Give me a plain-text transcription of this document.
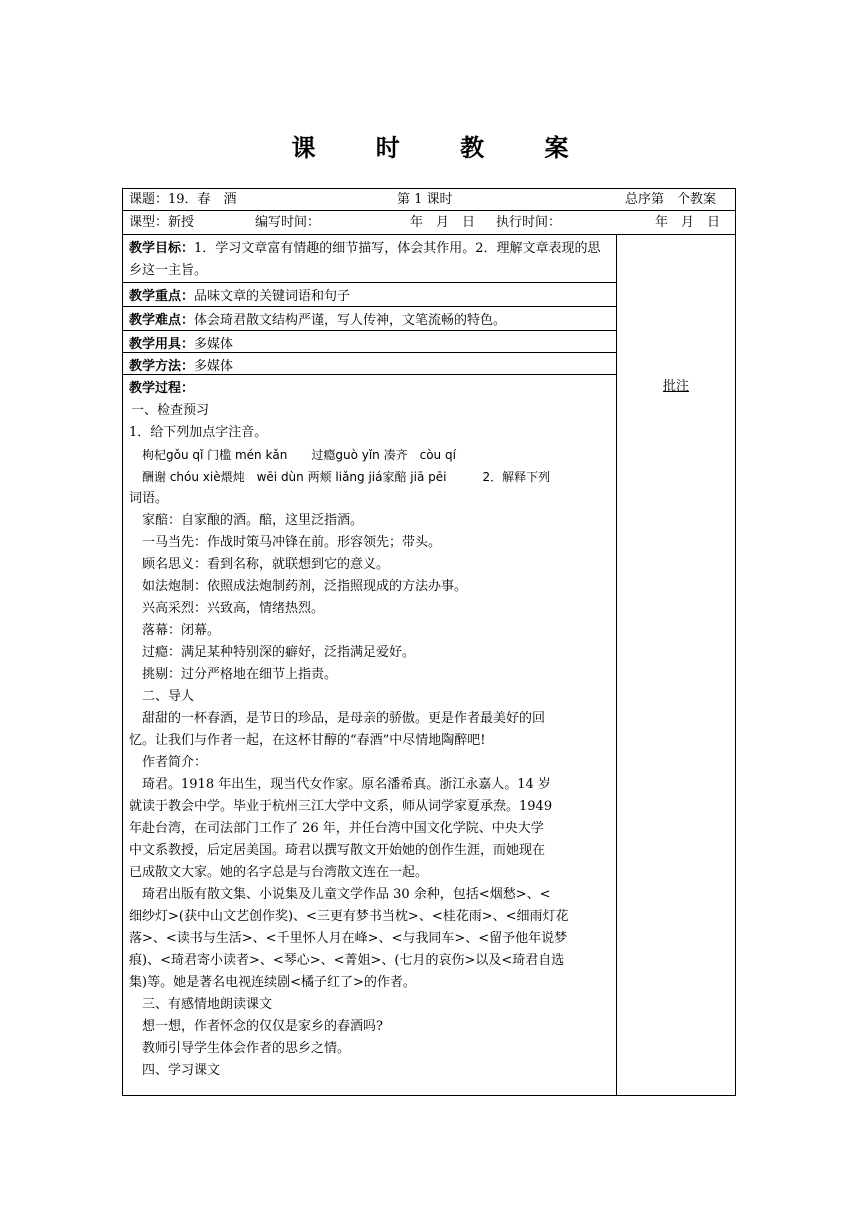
课 时 教 案
课题：19．春　酒	第 1 课时	总序第　个教案
课型：新授	编写时间：	年　月　日 执行时间：	年　月　日
教学目标：1．学习文章富有情趣的细节描写，体会其作用。2．理解文章表现的思乡这一主旨。
教学重点：品味文章的关键词语和句子
教学难点：体会琦君散文结构严谨，写人传神，文笔流畅的特色。
教学用具：多媒体
教学方法：多媒体

教学过程：

一、检查预习

1．给下列加点字注音。

枸杞gǒu qǐ 门槛 mén kǎn　　过瘾guò yǐn 凑齐　còu qí

酬谢 chóu xiè煨炖　wēi dùn 两颊 liǎng jiá家醅 jiā pēi　　　2．解释下列

词语。

家醅：自家酿的酒。醅，这里泛指酒。

一马当先：作战时策马冲锋在前。形容领先；带头。

顾名思义：看到名称，就联想到它的意义。

如法炮制：依照成法炮制药剂，泛指照现成的方法办事。

兴高采烈：兴致高，情绪热烈。

落幕：闭幕。

过瘾：满足某种特别深的癖好，泛指满足爱好。

挑剔：过分严格地在细节上指责。

二、导人

甜甜的一杯春酒，是节日的珍品，是母亲的骄傲。更是作者最美好的回

忆。让我们与作者一起，在这杯甘醇的“春酒”中尽情地陶醉吧!

作者简介：

琦君。1918 年出生，现当代女作家。原名潘希真。浙江永嘉人。14 岁

就读于教会中学。毕业于杭州三江大学中文系，师从词学家夏承焘。1949

年赴台湾，在司法部门工作了 26 年，并任台湾中国文化学院、中央大学

中文系教授，后定居美国。琦君以撰写散文开始她的创作生涯，而她现在

已成散文大家。她的名字总是与台湾散文连在一起。

琦君出版有散文集、小说集及儿童文学作品 30 余种，包括<烟愁>、<

细纱灯>(获中山文艺创作奖)、<三更有梦书当枕>、<桂花雨>、<细雨灯花

落>、<读书与生活>、<千里怀人月在峰>、<与我同车>、<留予他年说梦

痕)、<琦君寄小读者>、<琴心>、<菁姐>、(七月的哀伤>以及<琦君自选

集)等。她是著名电视连续剧<橘子红了>的作者。

三、有感情地朗读课文

想一想，作者怀念的仅仅是家乡的春酒吗?

教师引导学生体会作者的思乡之情。

四、学习课文

批注
